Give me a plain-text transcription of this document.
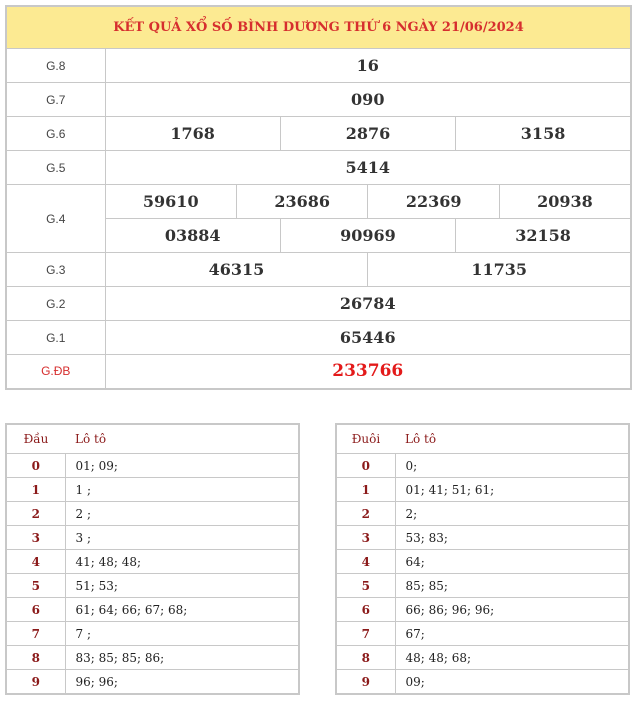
KẾT QUẢ XỔ SỐ BÌNH DƯƠNG THỨ 6 NGÀY 21/06/2024						
G.8	16					
G.7	090					
G.6	1768		2876		3158	
G.5	5414					
G.4	59610	23686		22369		20938
	03884		90969		32158	
G.3	46315			11735		
G.2	26784					
G.1	65446					
G.ĐB	233766					
Đầu	Lô tô
0	01; 09;
1	1 ;
2	2 ;
3	3 ;
4	41; 48; 48;
5	51; 53;
6	61; 64; 66; 67; 68;
7	7 ;
8	83; 85; 85; 86;
9	96; 96;
Đuôi	Lô tô
0	0;
1	01; 41; 51; 61;
2	2;
3	53; 83;
4	64;
5	85; 85;
6	66; 86; 96; 96;
7	67;
8	48; 48; 68;
9	09;
